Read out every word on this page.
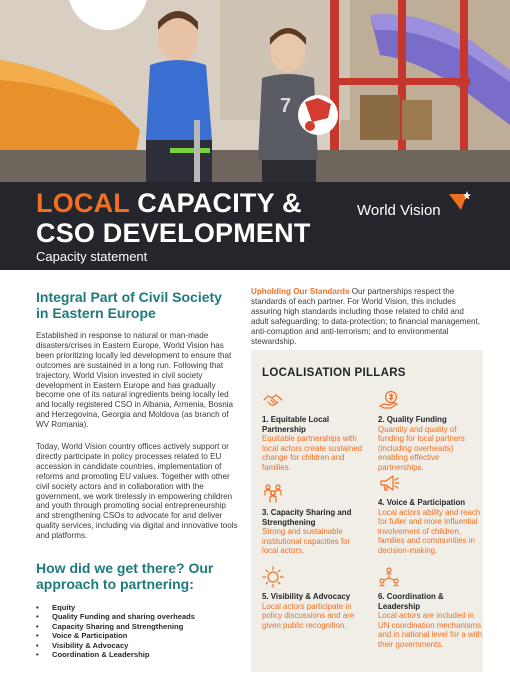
7
LOCAL CAPACITY &
CSO DEVELOPMENT
Capacity statement
World Vision
Integral Part of Civil Society in Eastern Europe

Established in response to natural or man-made disasters/crises in Eastern Europe, World Vision has been prioritizing locally led development to ensure that outcomes are sustained in a long run. Following that trajectory, World Vision invested in civil society development in Eastern Europe and has gradually become one of its natural ingredients being locally led and locally registered CSO in Albania, Armenia, Bosnia and Herzegovina, Georgia and Moldova (as branch of WV Romania).

Today, World Vision country offices actively support or directly participate in policy processes related to EU accession in candidate countries, implementation of reforms and promoting EU values. Together with other civil society actors and in collaboration with the government, we work tirelessly in empowering children and youth through promoting social entrepreneurship and strengthening CSOs to advocate for and deliver quality services, including via digital and innovative tools and platforms.

How did we get there? Our approach to partnering:
• Equity
• Quality Funding and sharing overheads
• Capacity Sharing and Strengthening
• Voice & Participation
• Visibility & Advocacy
• Coordination & Leadership

Upholding Our Standards Our partnerships respect the standards of each partner. For World Vision, this includes assuring high standards including those related to child and adult safeguarding; to data-protection; to financial management, anti-corruption and anti-terrorism; and to environmental stewardship.

LOCALISATION PILLARS
1. Equitable Local Partnership
Equitable partnerships with local actors create sustained change for children and families.
2. Quality Funding
Quantity and quality of funding for local partners (including overheads) enabling effective partnerships.
3. Capacity Sharing and Strengthening
Strong and sustainable institutional capacities for local actors.
4. Voice & Participation
Local actors ability and reach for fuller and more influential involvement of children, families and communities in decision-making.
5. Visibility & Advocacy
Local actors participate in policy discussions and are given public recognition.
6. Coordination & Leadership
Local actors are included in UN coordination mechanisms and in national level for a with their governments.
